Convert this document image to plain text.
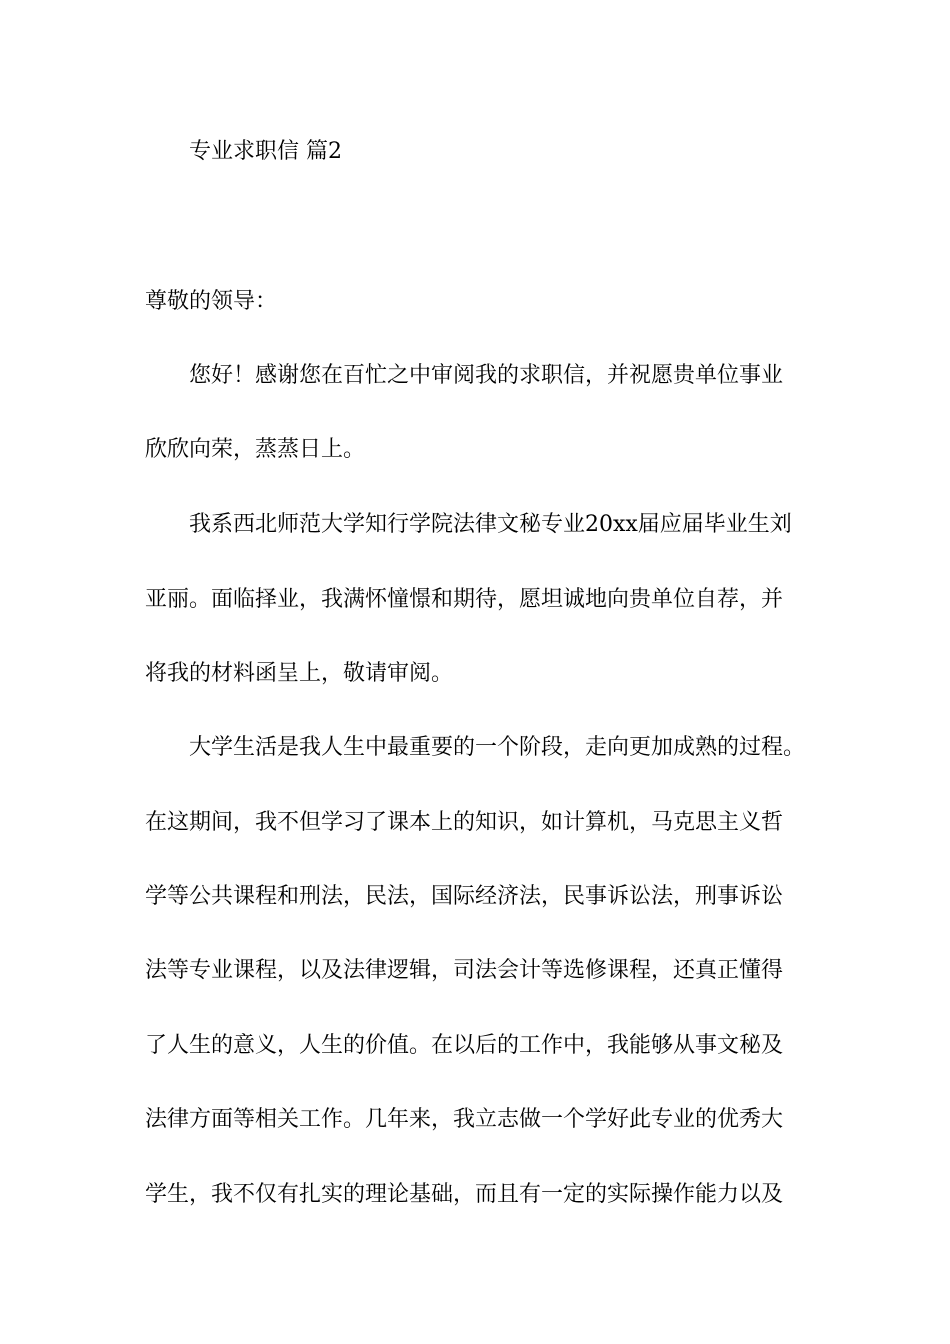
专业求职信 篇2
尊敬的领导：
您好！感谢您在百忙之中审阅我的求职信，并祝愿贵单位事业
欣欣向荣，蒸蒸日上。
我系西北师范大学知行学院法律文秘专业20xx届应届毕业生刘
亚丽。面临择业，我满怀憧憬和期待，愿坦诚地向贵单位自荐，并
将我的材料函呈上，敬请审阅。
大学生活是我人生中最重要的一个阶段，走向更加成熟的过程。
在这期间，我不但学习了课本上的知识，如计算机，马克思主义哲
学等公共课程和刑法，民法，国际经济法，民事诉讼法，刑事诉讼
法等专业课程，以及法律逻辑，司法会计等选修课程，还真正懂得
了人生的意义，人生的价值。在以后的工作中，我能够从事文秘及
法律方面等相关工作。几年来，我立志做一个学好此专业的优秀大
学生，我不仅有扎实的理论基础，而且有一定的实际操作能力以及
